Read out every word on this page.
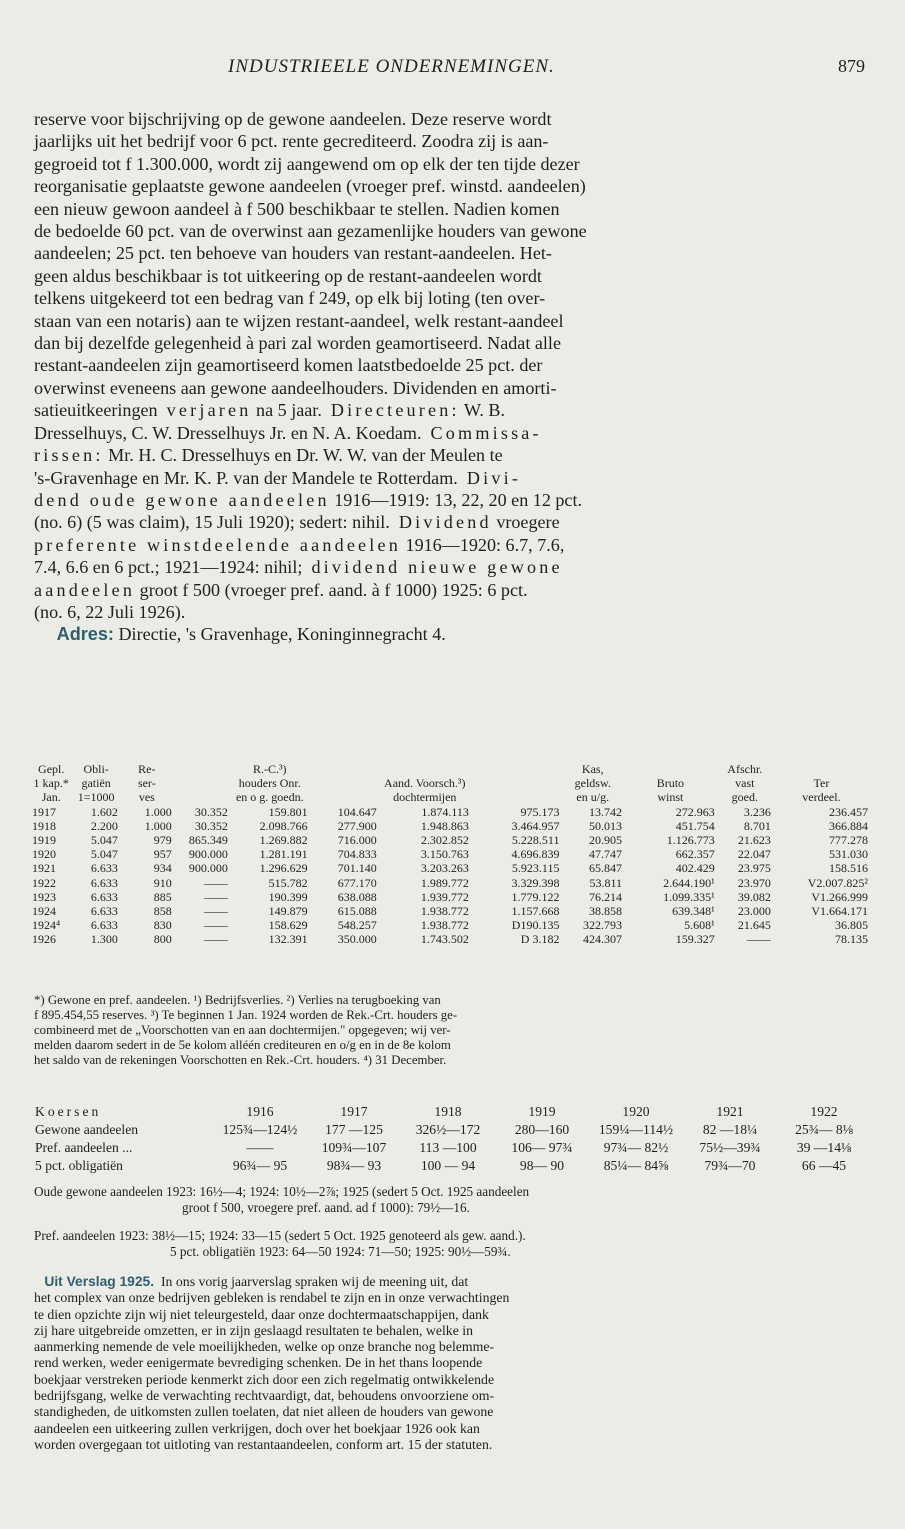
INDUSTRIEELE ONDERNEMINGEN.	879

reserve voor bijschrijving op de gewone aandeelen. Deze reserve wordt
jaarlijks uit het bedrijf voor 6 pct. rente gecrediteerd. Zoodra zij is aan-
gegroeid tot f 1.300.000, wordt zij aangewend om op elk der ten tijde dezer
reorganisatie geplaatste gewone aandeelen (vroeger pref. winstd. aandeelen)
een nieuw gewoon aandeel à f 500 beschikbaar te stellen. Nadien komen
de bedoelde 60 pct. van de overwinst aan gezamenlijke houders van gewone
aandeelen; 25 pct. ten behoeve van houders van restant-aandeelen. Het-
geen aldus beschikbaar is tot uitkeering op de restant-aandeelen wordt
telkens uitgekeerd tot een bedrag van f 249, op elk bij loting (ten over-
staan van een notaris) aan te wijzen restant-aandeel, welk restant-aandeel
dan bij dezelfde gelegenheid à pari zal worden geamortiseerd. Nadat alle
restant-aandeelen zijn geamortiseerd komen laatstbedoelde 25 pct. der
overwinst eveneens aan gewone aandeelhouders. Dividenden en amorti-
satieuitkeeringen verjaren na 5 jaar. Directeuren: W. B.
Dresselhuys, C. W. Dresselhuys Jr. en N. A. Koedam. Commissa-
rissen: Mr. H. C. Dresselhuys en Dr. W. W. van der Meulen te
's-Gravenhage en Mr. K. P. van der Mandele te Rotterdam. Divi-
dend oude gewone aandeelen 1916—1919: 13, 22, 20 en 12 pct.
(no. 6) (5 was claim), 15 Juli 1920); sedert: nihil. Dividend vroegere
preferente winstdeelende aandeelen 1916—1920: 6.7, 7.6,
7.4, 6.6 en 6 pct.; 1921—1924: nihil; dividend nieuwe gewone
aandeelen groot f 500 (vroeger pref. aand. à f 1000) 1925: 6 pct.
(no. 6, 22 Juli 1926).
Adres: Directie, 's Gravenhage, Koninginnegracht 4.

Gepl.	Obli-	Re-		R.-C.³)				Kas,		Afschr.	
1 kap.*	gatiën	ser-		houders Onr.		Aand. Voorsch.³)		geldsw.	Bruto	vast	Ter
Jan.	1=1000	ves		en o g. goedn.		dochtermijen		en u/g.	winst	goed.	verdeel.
1917	1.602	1.000	30.352	159.801	104.647	1.874.113	975.173	13.742	272.963	3.236	236.457
1918	2.200	1.000	30.352	2.098.766	277.900	1.948.863	3.464.957	50.013	451.754	8.701	366.884
1919	5.047	979	865.349	1.269.882	716.000	2.302.852	5.228.511	20.905	1.126.773	21.623	777.278
1920	5.047	957	900.000	1.281.191	704.833	3.150.763	4.696.839	47.747	662.357	22.047	531.030
1921	6.633	934	900.000	1.296.629	701.140	3.203.263	5.923.115	65.847	402.429	23.975	158.516
1922	6.633	910	——	515.782	677.170	1.989.772	3.329.398	53.811	2.644.190¹	23.970	V2.007.825²
1923	6.633	885	——	190.399	638.088	1.939.772	1.779.122	76.214	1.099.335¹	39.082	V1.266.999
1924	6.633	858	——	149.879	615.088	1.938.772	1.157.668	38.858	639.348¹	23.000	V1.664.171
1924⁴	6.633	830	——	158.629	548.257	1.938.772	D190.135	322.793	5.608¹	21.645	36.805
1926	1.300	800	——	132.391	350.000	1.743.502	D 3.182	424.307	159.327	——	78.135

*) Gewone en pref. aandeelen. ¹) Bedrijfsverlies. ²) Verlies na terugboeking van

f 895.454,55 reserves. ³) Te beginnen 1 Jan. 1924 worden de Rek.-Crt. houders ge-

combineerd met de „Voorschotten van en aan dochtermijen." opgegeven; wij ver-

melden daarom sedert in de 5e kolom alléén crediteuren en o/g en in de 8e kolom

het saldo van de rekeningen Voorschotten en Rek.-Crt. houders. ⁴) 31 December.

Koersen	1916	1917	1918	1919	1920	1921	1922
Gewone aandeelen	125¾—124½	177 —125	326½—172	280—160	159¼—114½	82 —18¼	25¾— 8⅛
Pref. aandeelen ...	——	109¾—107	113 —100	106— 97¾	97¾— 82½	75½—39¾	39 —14⅛
5 pct. obligatiën	96¾— 95	98¾— 93	100 — 94	98— 90	85¼— 84⅝	79¾—70	66 —45

Oude gewone aandeelen 1923: 16½—4; 1924: 10½—2⅞; 1925 (sedert 5 Oct. 1925 aandeelen

groot f 500, vroegere pref. aand. ad f 1000): 79½—16.

Pref. aandeelen 1923: 38½—15; 1924: 33—15 (sedert 5 Oct. 1925 genoteerd als gew. aand.).

5 pct. obligatiën 1923: 64—50 1924: 71—50; 1925: 90½—59¾.

Uit Verslag 1925. In ons vorig jaarverslag spraken wij de meening uit, dat
het complex van onze bedrijven gebleken is rendabel te zijn en in onze verwachtingen
te dien opzichte zijn wij niet teleurgesteld, daar onze dochtermaatschappijen, dank
zij hare uitgebreide omzetten, er in zijn geslaagd resultaten te behalen, welke in
aanmerking nemende de vele moeilijkheden, welke op onze branche nog belemme-
rend werken, weder eenigermate bevrediging schenken. De in het thans loopende
boekjaar verstreken periode kenmerkt zich door een zich regelmatig ontwikkelende
bedrijfsgang, welke de verwachting rechtvaardigt, dat, behoudens onvoorziene om-
standigheden, de uitkomsten zullen toelaten, dat niet alleen de houders van gewone
aandeelen een uitkeering zullen verkrijgen, doch over het boekjaar 1926 ook kan
worden overgegaan tot uitloting van restantaandeelen, conform art. 15 der statuten.
